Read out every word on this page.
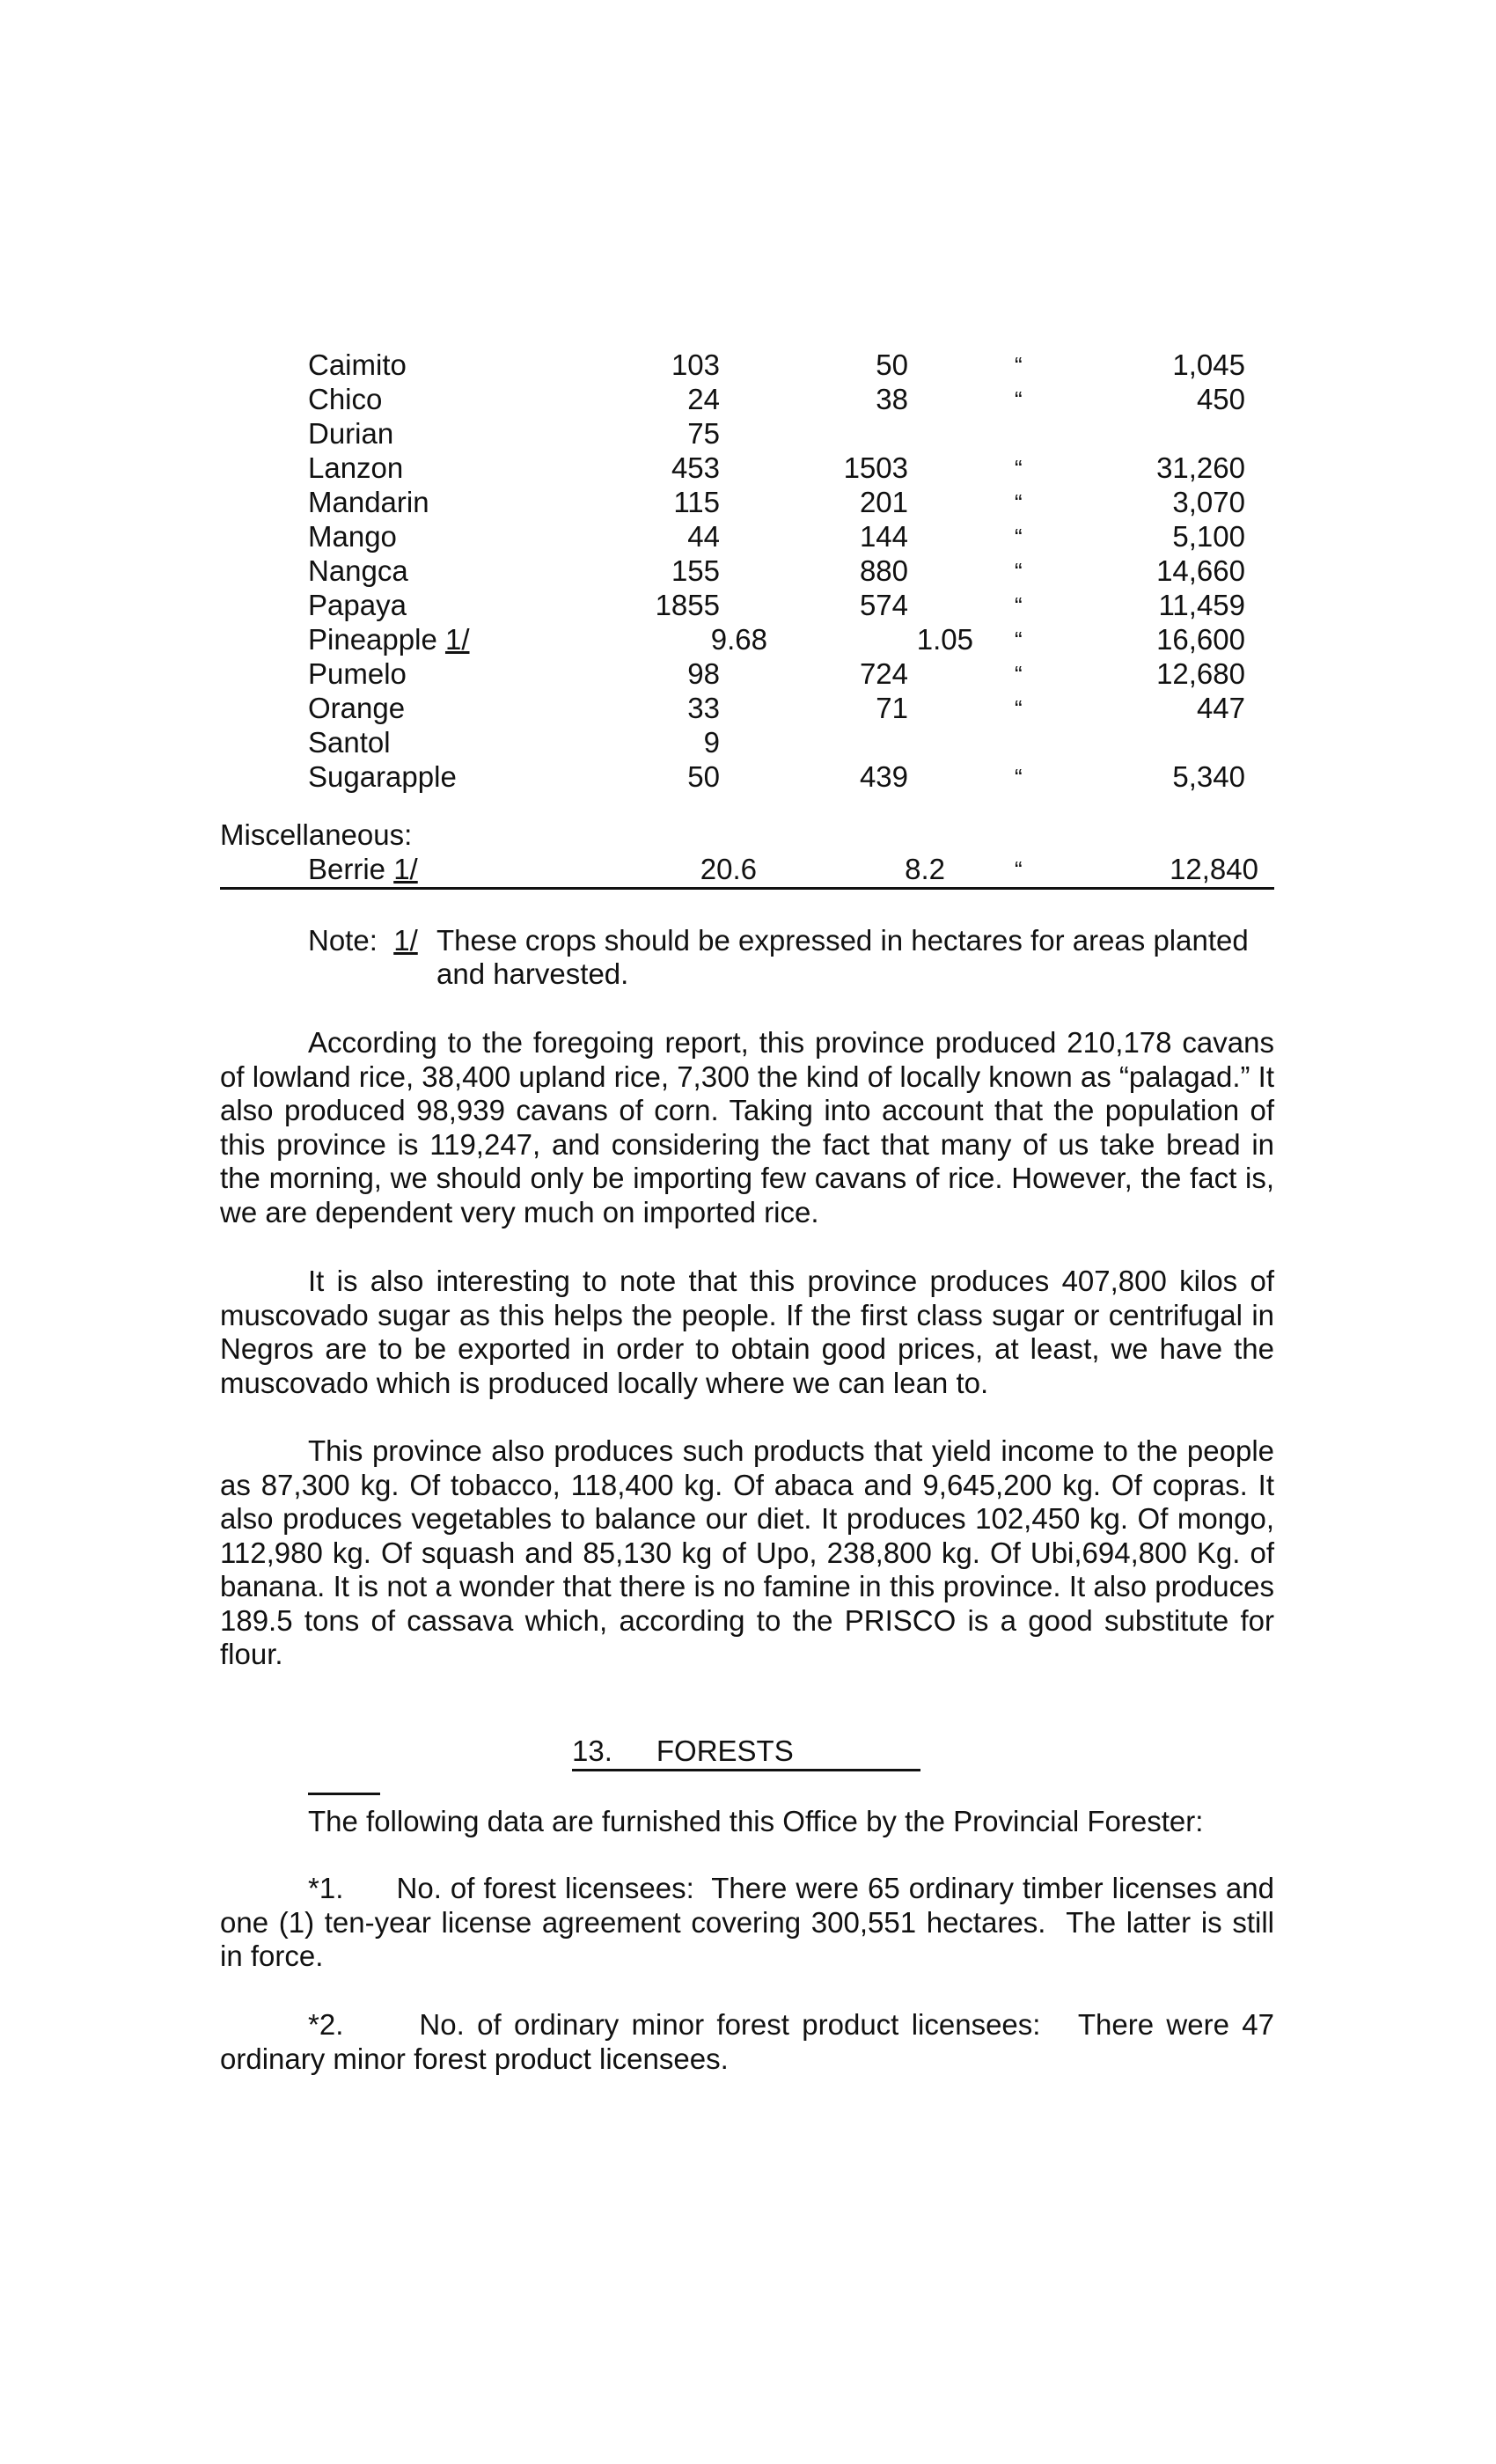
Caimito	103	50	“	1,045
Chico	24	38	“	450
Durian	75
Lanzon	453	1503	“	31,260
Mandarin	115	201	“	3,070
Mango	44	144	“	5,100
Nangca	155	880	“	14,660
Papaya	1855	574	“	11,459
Pineapple 1/	9.68	1.05 “	16,600
Pumelo	98	724	“	12,680
Orange	33	71	“	447
Santol	9
Sugarapple	50	439	“	5,340
Miscellaneous:
Berrie 1/	20.6	8.2	“	12,840
Note: 1/ These crops should be expressed in hectares for areas planted and harvested.

According to the foregoing report, this province produced 210,178 cavans of lowland rice, 38,400 upland rice, 7,300 the kind of locally known as “palagad.” It also produced 98,939 cavans of corn. Taking into account that the population of this province is 119,247, and considering the fact that many of us take bread in the morning, we should only be importing few cavans of rice. However, the fact is, we are dependent very much on imported rice.

It is also interesting to note that this province produces 407,800 kilos of muscovado sugar as this helps the people. If the first class sugar or centrifugal in Negros are to be exported in order to obtain good prices, at least, we have the muscovado which is produced locally where we can lean to.

This province also produces such products that yield income to the people as 87,300 kg. Of tobacco, 118,400 kg. Of abaca and 9,645,200 kg. Of copras. It also produces vegetables to balance our diet. It produces 102,450 kg. Of mongo, 112,980 kg. Of squash and 85,130 kg of Upo, 238,800 kg. Of Ubi,694,800 Kg. of banana. It is not a wonder that there is no famine in this province. It also produces 189.5 tons of cassava which, according to the PRISCO is a good substitute for flour.

13. FORESTS
The following data are furnished this Office by the Provincial Forester:

*1.      No. of forest licensees:  There were 65 ordinary timber licenses and one (1) ten-year license agreement covering 300,551 hectares.  The latter is still in force.

*2.      No. of ordinary minor forest product licensees:   There were 47 ordinary minor forest product licensees.
